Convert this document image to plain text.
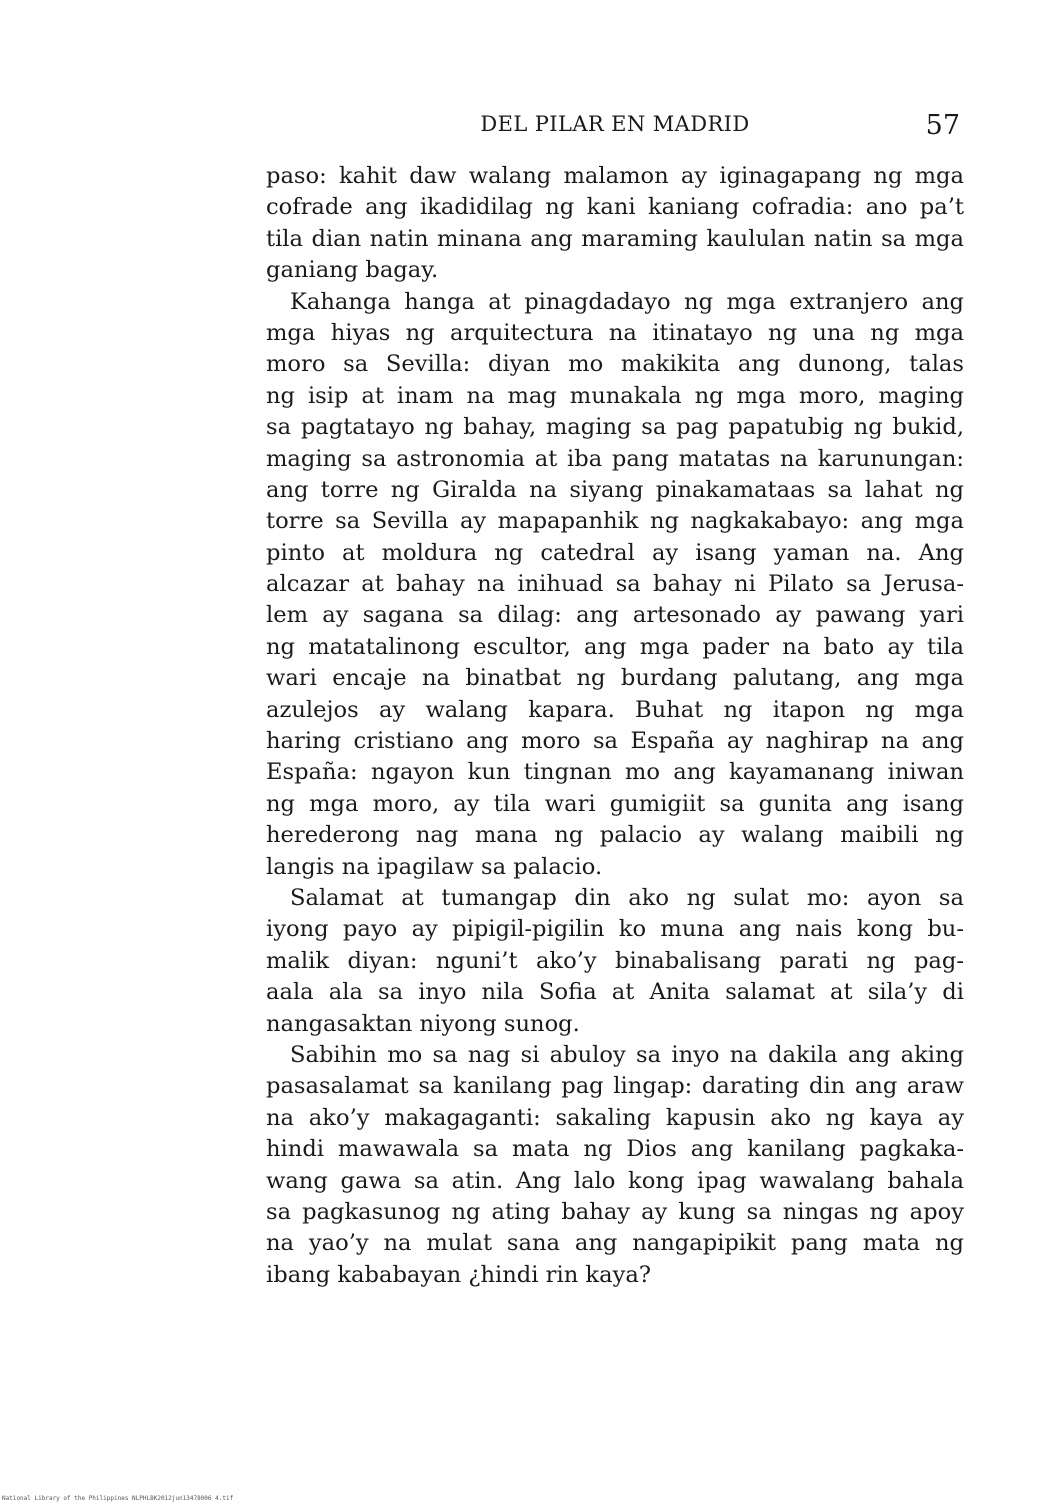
DEL PILAR EN MADRID	57
paso: kahit daw walang malamon ay iginagapang ng mga
cofrade ang ikadidilag ng kani kaniang cofradia: ano pa’t
tila dian natin minana ang maraming kaululan natin sa mga
ganiang bagay.
Kahanga hanga at pinagdadayo ng mga extranjero ang
mga hiyas ng arquitectura na itinatayo ng una ng mga
moro sa Sevilla: diyan mo makikita ang dunong, talas
ng isip at inam na mag munakala ng mga moro, maging
sa pagtatayo ng bahay, maging sa pag papatubig ng bukid,
maging sa astronomia at iba pang matatas na karunungan:
ang torre ng Giralda na siyang pinakamataas sa lahat ng
torre sa Sevilla ay mapapanhik ng nagkakabayo: ang mga
pinto at moldura ng catedral ay isang yaman na. Ang
alcazar at bahay na inihuad sa bahay ni Pilato sa Jerusa-
lem ay sagana sa dilag: ang artesonado ay pawang yari
ng matatalinong escultor, ang mga pader na bato ay tila
wari encaje na binatbat ng burdang palutang, ang mga
azulejos ay walang kapara. Buhat ng itapon ng mga
haring cristiano ang moro sa España ay naghirap na ang
España: ngayon kun tingnan mo ang kayamanang iniwan
ng mga moro, ay tila wari gumigiit sa gunita ang isang
herederong nag mana ng palacio ay walang maibili ng
langis na ipagilaw sa palacio.
Salamat at tumangap din ako ng sulat mo: ayon sa
iyong payo ay pipigil-pigilin ko muna ang nais kong bu-
malik diyan: nguni’t ako’y binabalisang parati ng pag-
aala ala sa inyo nila Sofia at Anita salamat at sila’y di
nangasaktan niyong sunog.
Sabihin mo sa nag si abuloy sa inyo na dakila ang aking
pasasalamat sa kanilang pag lingap: darating din ang araw
na ako’y makagaganti: sakaling kapusin ako ng kaya ay
hindi mawawala sa mata ng Dios ang kanilang pagkaka-
wang gawa sa atin. Ang lalo kong ipag wawalang bahala
sa pagkasunog ng ating bahay ay kung sa ningas ng apoy
na yao’y na mulat sana ang nangapipikit pang mata ng
ibang kababayan ¿hindi rin kaya?
National Library of the Philippines NLPHLBK2012jun13478006 4.tif
